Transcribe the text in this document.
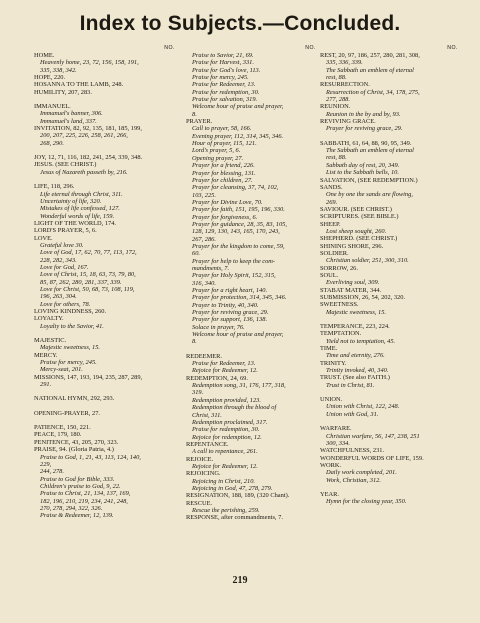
Index to Subjects.—Concluded.
NO.
HOME.
Heavenly home, 23, 72, 156, 158, 191,
335, 338, 342.
HOPE, 220.
HOSANNA TO THE LAMB, 248.
HUMILITY, 207, 283.
IMMANUEL.
Immanuel's banner, 306.
Immanuel's land, 337.
INVITATION, 82, 92, 135, 181, 185, 199,
200, 207, 225, 226, 258, 261, 266,
268, 290.
JOY, 12, 71, 116, 182, 241, 254, 339, 348.
JESUS. (SEE CHRIST.)
Jesus of Nazareth passeth by, 216.
LIFE, 118, 296.
Life eternal through Christ, 311.
Uncertainty of life, 320.
Mistakes of life confessed, 127.
Wonderful words of life, 159.
LIGHT OF THE WORLD, 174.
LORD'S PRAYER, 5, 6.
LOVE.
Grateful love 30.
Love of God, 17, 62, 70, 77, 113, 172,
228, 282, 343.
Love for God, 167.
Love of Christ, 15, 18, 63, 73, 79, 80,
85, 87, 262, 280, 281, 337, 339.
Love for Christ, 50, 68, 73, 108, 119,
196, 263, 304.
Love for others, 78.
LOVING KINDNESS, 260.
LOYALTY.
Loyalty to the Savior, 41.
MAJESTIC.
Majestic sweetness, 15.
MERCY.
Praise for mercy, 245.
Mercy-seat, 201.
MISSIONS, 147, 193, 194, 235, 287, 289,
291.
NATIONAL HYMN, 292, 293.
OPENING-PRAYER, 27.
PATIENCE, 150, 221.
PEACE, 179, 180.
PENITENCE, 43, 205, 270, 323.
PRAISE, 94. (Gloria Patria, 4.)
Praise to God, 1, 21, 43, 113, 124, 140,
229,
244, 278.
Praise to God for Bible, 333.
Children's praise to God, 9, 22.
Praise to Christ, 21, 134, 137, 169,
182, 196, 210, 219, 234, 241, 248,
270, 278, 294, 322, 326.
Praise & Redeemer, 12, 139.
NO.
Praise to Savior, 21, 69.
Praise for Harvest, 331.
Praise for God's love, 113.
Praise for mercy, 245.
Praise for Redeemer, 13.
Praise for redemption, 30.
Praise for salvation, 319.
Welcome hour of praise and prayer,
8.
PRAYER.
Call to prayer, 58, 166.
Evening prayer, 112, 314, 345, 346.
Hour of prayer, 115, 121.
Lord's prayer, 5, 6.
Opening prayer, 27.
Prayer for a friend, 226.
Prayer for blessing, 131.
Prayer for children, 27.
Prayer for cleansing, 37, 74, 102,
103, 225.
Prayer for Divine Love, 70.
Prayer for faith, 151, 195, 196, 330.
Prayer for forgiveness, 6.
Prayer for guidance, 28, 35, 83, 105,
128, 129, 130, 143, 165, 170, 243,
267, 286.
Prayer for the kingdom to come, 59,
60.
Prayer for help to keep the com-
mandments, 7.
Prayer for Holy Spirit, 152, 315,
316, 340.
Prayer for a right heart, 140.
Prayer for protection, 314, 345, 346.
Prayer to Trinity, 40, 340.
Prayer for reviving grace, 29.
Prayer for support, 136, 138.
Solace in prayer, 76.
Welcome hour of praise and prayer,
8.
REDEEMER.
Praise for Redeemer, 13.
Rejoice for Redeemer, 12.
REDEMPTION, 24, 69.
Redemption song, 31, 176, 177, 318,
319.
Redemption provided, 123.
Redemption through the blood of
Christ, 311.
Redemption proclaimed, 317.
Praise for redemption, 30.
Rejoice for redemption, 12.
REPENTANCE.
A call to repentance, 261.
REJOICE.
Rejoice for Redeemer, 12.
REJOICING.
Rejoicing in Christ, 210.
Rejoicing in God, 47, 278, 279.
RESIGNATION, 188, 189, (320 Chant).
RESCUE.
Rescue the perishing, 259.
RESPONSE, after commandments, 7.
NO.
REST, 20, 97, 186, 257, 280, 281, 308,
335, 336, 339.
The Sabbath an emblem of eternal
rest, 88.
RESURRECTION.
Resurrection of Christ, 34, 178, 275,
277, 288.
REUNION.
Reunion in the by and by, 93.
REVIVING GRACE.
Prayer for reviving grace, 29.
SABBATH, 61, 64, 88, 90, 95, 349.
The Sabbath an emblem of eternal
rest, 88.
Sabbath day of rest, 20, 349.
List to the Sabbath bells, 10.
SALVATION, (SEE REDEMPTION.)
SANDS.
One by one the sands are flowing,
269.
SAVIOUR. (SEE CHRIST.)
SCRIPTURES. (SEE BIBLE.)
SHEEP.
Lost sheep sought, 260.
SHEPHERD. (SEE CHRIST.)
SHINING SHORE, 296.
SOLDIER.
Christian soldier, 251, 300, 310.
SORROW, 26.
SOUL.
Everliving soul, 309.
STABAT MATER, 344.
SUBMISSION, 26, 54, 202, 320.
SWEETNESS.
Majestic sweetness, 15.
TEMPERANCE, 223, 224.
TEMPTATION.
Yield not to temptation, 45.
TIME.
Time and eternity, 276.
TRINITY.
Trinity invoked, 40, 340.
TRUST. (See also FAITH.)
Trust in Christ, 81.
UNION.
Union with Christ, 122, 248.
Union with God, 31.
WARFARE.
Christian warfare, 56, 147, 238, 251
300, 334.
WATCHFULNESS, 231.
WONDERFUL WORDS OF LIFE, 159.
WORK.
Daily work completed, 201.
Work, Christian, 312.
YEAR.
Hymn for the closing year, 350.
219
